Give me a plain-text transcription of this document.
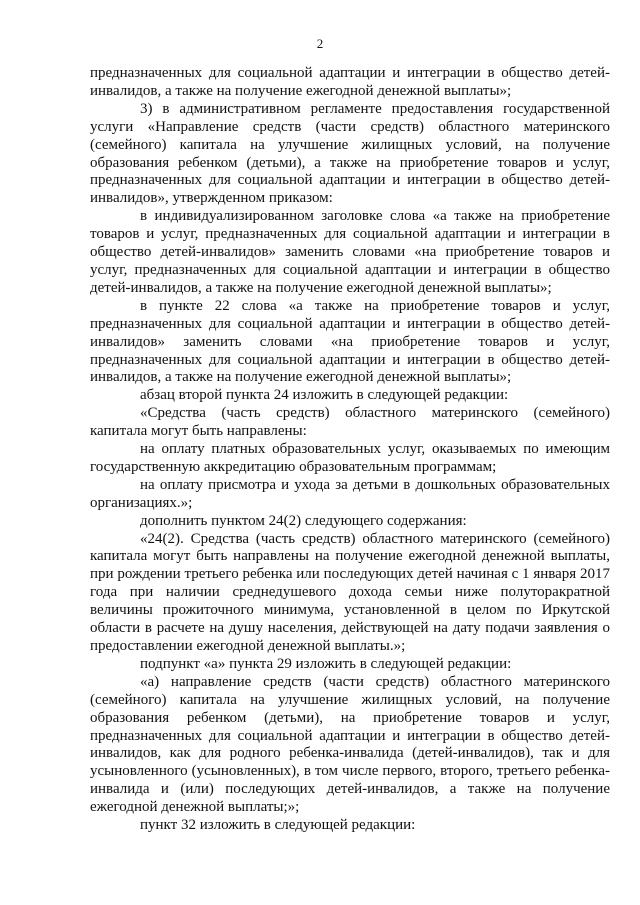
2

предназначенных для социальной адаптации и интеграции в общество детей-инвалидов, а также на получение ежегодной денежной выплаты»;

3) в административном регламенте предоставления государственной услуги «Направление средств (части средств) областного материнского (семейного) капитала на улучшение жилищных условий, на получение образования ребенком (детьми), а также на приобретение товаров и услуг, предназначенных для социальной адаптации и интеграции в общество детей-инвалидов», утвержденном приказом:

в индивидуализированном заголовке слова «а также на приобретение товаров и услуг, предназначенных для социальной адаптации и интеграции в общество детей-инвалидов» заменить словами «на приобретение товаров и услуг, предназначенных для социальной адаптации и интеграции в общество детей-инвалидов, а также на получение ежегодной денежной выплаты»;

в пункте 22 слова «а также на приобретение товаров и услуг, предназначенных для социальной адаптации и интеграции в общество детей-инвалидов» заменить словами «на приобретение товаров и услуг, предназначенных для социальной адаптации и интеграции в общество детей-инвалидов, а также на получение ежегодной денежной выплаты»;

абзац второй пункта 24 изложить в следующей редакции:

«Средства (часть средств) областного материнского (семейного) капитала могут быть направлены:

на оплату платных образовательных услуг, оказываемых по имеющим государственную аккредитацию образовательным программам;

на оплату присмотра и ухода за детьми в дошкольных образовательных организациях.»;

дополнить пунктом 24(2) следующего содержания:

«24(2). Средства (часть средств) областного материнского (семейного) капитала могут быть направлены на получение ежегодной денежной выплаты, при рождении третьего ребенка или последующих детей начиная с 1 января 2017 года при наличии среднедушевого дохода семьи ниже полуторакратной величины прожиточного минимума, установленной в целом по Иркутской области в расчете на душу населения, действующей на дату подачи заявления о предоставлении ежегодной денежной выплаты.»;

подпункт «а» пункта 29 изложить в следующей редакции:

«а) направление средств (части средств) областного материнского (семейного) капитала на улучшение жилищных условий, на получение образования ребенком (детьми), на приобретение товаров и услуг, предназначенных для социальной адаптации и интеграции в общество детей-инвалидов, как для родного ребенка-инвалида (детей-инвалидов), так и для усыновленного (усыновленных), в том числе первого, второго, третьего ребенка-инвалида и (или) последующих детей-инвалидов, а также на получение ежегодной денежной выплаты;»;

пункт 32 изложить в следующей редакции:
